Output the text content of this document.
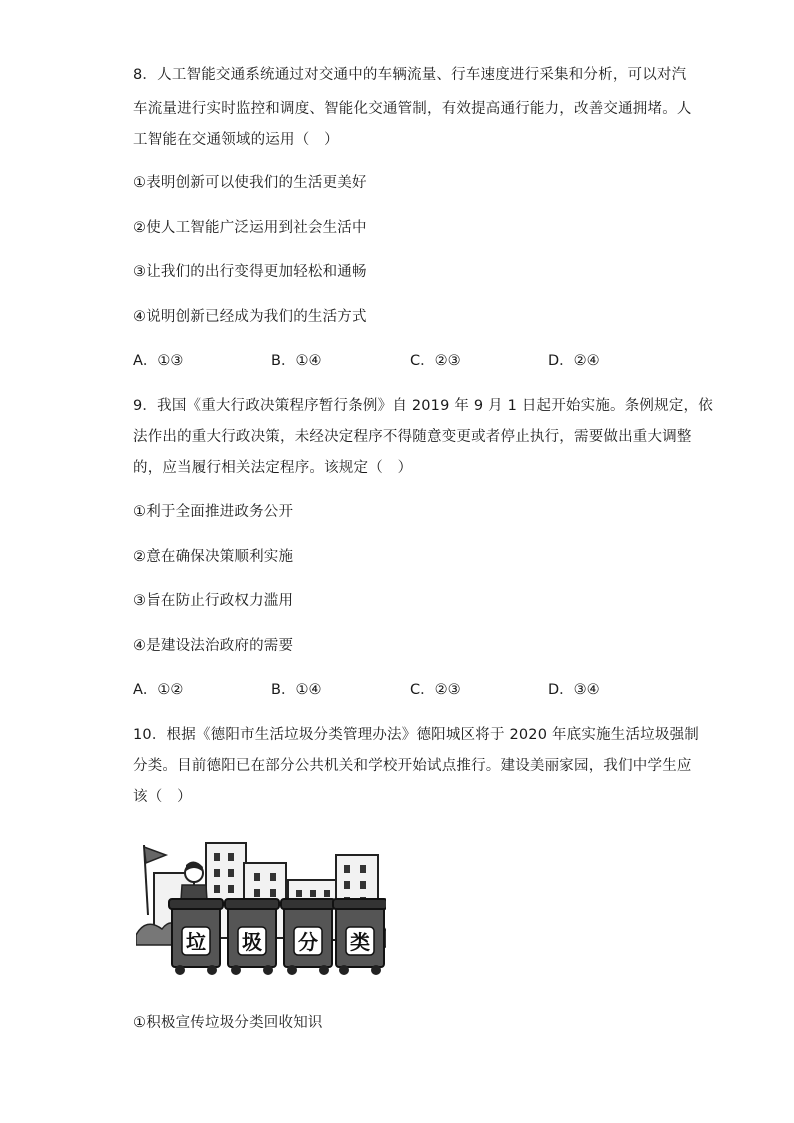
8．人工智能交通系统通过对交通中的车辆流量、行车速度进行采集和分析，可以对汽
车流量进行实时监控和调度、智能化交通管制，有效提高通行能力，改善交通拥堵。人
工智能在交通领域的运用（　）
①表明创新可以使我们的生活更美好
②使人工智能广泛运用到社会生活中
③让我们的出行变得更加轻松和通畅
④说明创新已经成为我们的生活方式
A．①③	B．①④	C．②③	D．②④
9．我国《重大行政决策程序暂行条例》自 2019 年 9 月 1 日起开始实施。条例规定，依
法作出的重大行政决策，未经决定程序不得随意变更或者停止执行，需要做出重大调整
的，应当履行相关法定程序。该规定（　）
①利于全面推进政务公开
②意在确保决策顺利实施
③旨在防止行政权力滥用
④是建设法治政府的需要
A．①②	B．①④	C．②③	D．③④
10．根据《德阳市生活垃圾分类管理办法》德阳城区将于 2020 年底实施生活垃圾强制
分类。目前德阳已在部分公共机关和学校开始试点推行。建设美丽家园，我们中学生应
该（　）
垃 圾 分 类
①积极宣传垃圾分类回收知识
